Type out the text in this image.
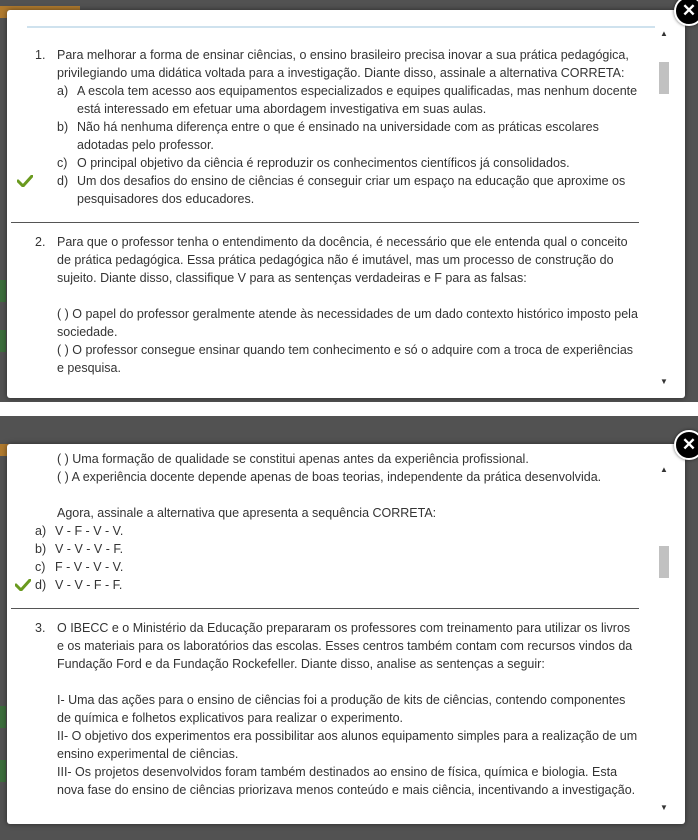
1. Para melhorar a forma de ensinar ciências, o ensino brasileiro precisa inovar a sua prática pedagógica, privilegiando uma didática voltada para a investigação. Diante disso, assinale a alternativa CORRETA:
a) A escola tem acesso aos equipamentos especializados e equipes qualificadas, mas nenhum docente está interessado em efetuar uma abordagem investigativa em suas aulas.
b) Não há nenhuma diferença entre o que é ensinado na universidade com as práticas escolares adotadas pelo professor.
c) O principal objetivo da ciência é reproduzir os conhecimentos científicos já consolidados.
d) Um dos desafios do ensino de ciências é conseguir criar um espaço na educação que aproxime os pesquisadores dos educadores.
2. Para que o professor tenha o entendimento da docência, é necessário que ele entenda qual o conceito de prática pedagógica. Essa prática pedagógica não é imutável, mas um processo de construção do sujeito. Diante disso, classifique V para as sentenças verdadeiras e F para as falsas:
( ) O papel do professor geralmente atende às necessidades de um dado contexto histórico imposto pela sociedade.
( ) O professor consegue ensinar quando tem conhecimento e só o adquire com a troca de experiências e pesquisa.
▲
▼
✕
( ) Uma formação de qualidade se constitui apenas antes da experiência profissional.
( ) A experiência docente depende apenas de boas teorias, independente da prática desenvolvida.
Agora, assinale a alternativa que apresenta a sequência CORRETA:
a) V - F - V - V.
b) V - V - V - F.
c) F - V - V - V.
d) V - V - F - F.
3. O IBECC e o Ministério da Educação prepararam os professores com treinamento para utilizar os livros e os materiais para os laboratórios das escolas. Esses centros também contam com recursos vindos da Fundação Ford e da Fundação Rockefeller. Diante disso, analise as sentenças a seguir:
I- Uma das ações para o ensino de ciências foi a produção de kits de ciências, contendo componentes de química e folhetos explicativos para realizar o experimento.
II- O objetivo dos experimentos era possibilitar aos alunos equipamento simples para a realização de um ensino experimental de ciências.
III- Os projetos desenvolvidos foram também destinados ao ensino de física, química e biologia. Esta nova fase do ensino de ciências priorizava menos conteúdo e mais ciência, incentivando a investigação.
▲
▼
✕
